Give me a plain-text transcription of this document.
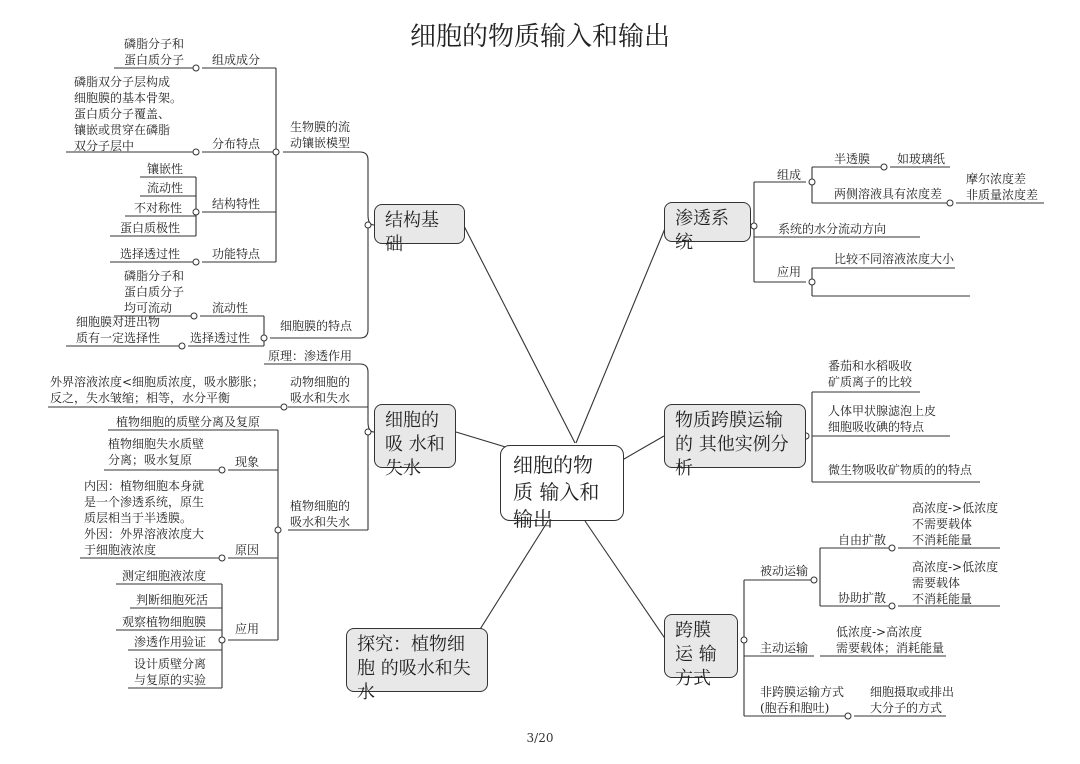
细胞的物质输入和输出
细胞的物质 输入和输出
结构基础
细胞的吸 水和失水
探究：植物细胞 的吸水和失水
渗透系统
物质跨膜运输的 其他实例分析
跨膜运 输方式
生物膜的流
动镶嵌模型
组成成分
磷脂分子和
蛋白质分子
分布特点
磷脂双分子层构成
细胞膜的基本骨架。
蛋白质分子覆盖、
镶嵌或贯穿在磷脂
双分子层中
结构特性
镶嵌性
流动性
不对称性
蛋白质极性
功能特点
选择透过性
细胞膜的特点
流动性
磷脂分子和
蛋白质分子
均可流动
选择透过性
细胞膜对进出物
质有一定选择性
原理：渗透作用
动物细胞的
吸水和失水
外界溶液浓度<细胞质浓度，吸水膨胀；
反之，失水皱缩；相等，水分平衡
植物细胞的
吸水和失水
植物细胞的质壁分离及复原
现象
植物细胞失水质壁
分离；吸水复原
原因
内因：植物细胞本身就
是一个渗透系统，原生
质层相当于半透膜。
外因：外界溶液浓度大
于细胞液浓度
应用
测定细胞液浓度
判断细胞死活
观察植物细胞膜
渗透作用验证
设计质壁分离
与复原的实验
组成
半透膜 如玻璃纸
两侧溶液具有浓度差
摩尔浓度差
非质量浓度差
系统的水分流动方向
应用
比较不同溶液浓度大小
番茄和水稻吸收
矿质离子的比较
人体甲状腺滤泡上皮
细胞吸收碘的特点
微生物吸收矿物质的的特点
被动运输
自由扩散
高浓度->低浓度
不需要载体
不消耗能量
协助扩散
高浓度->低浓度
需要载体
不消耗能量
主动运输
低浓度->高浓度
需要载体；消耗能量
非跨膜运输方式
(胞吞和胞吐)
细胞摄取或排出
大分子的方式
3/20
